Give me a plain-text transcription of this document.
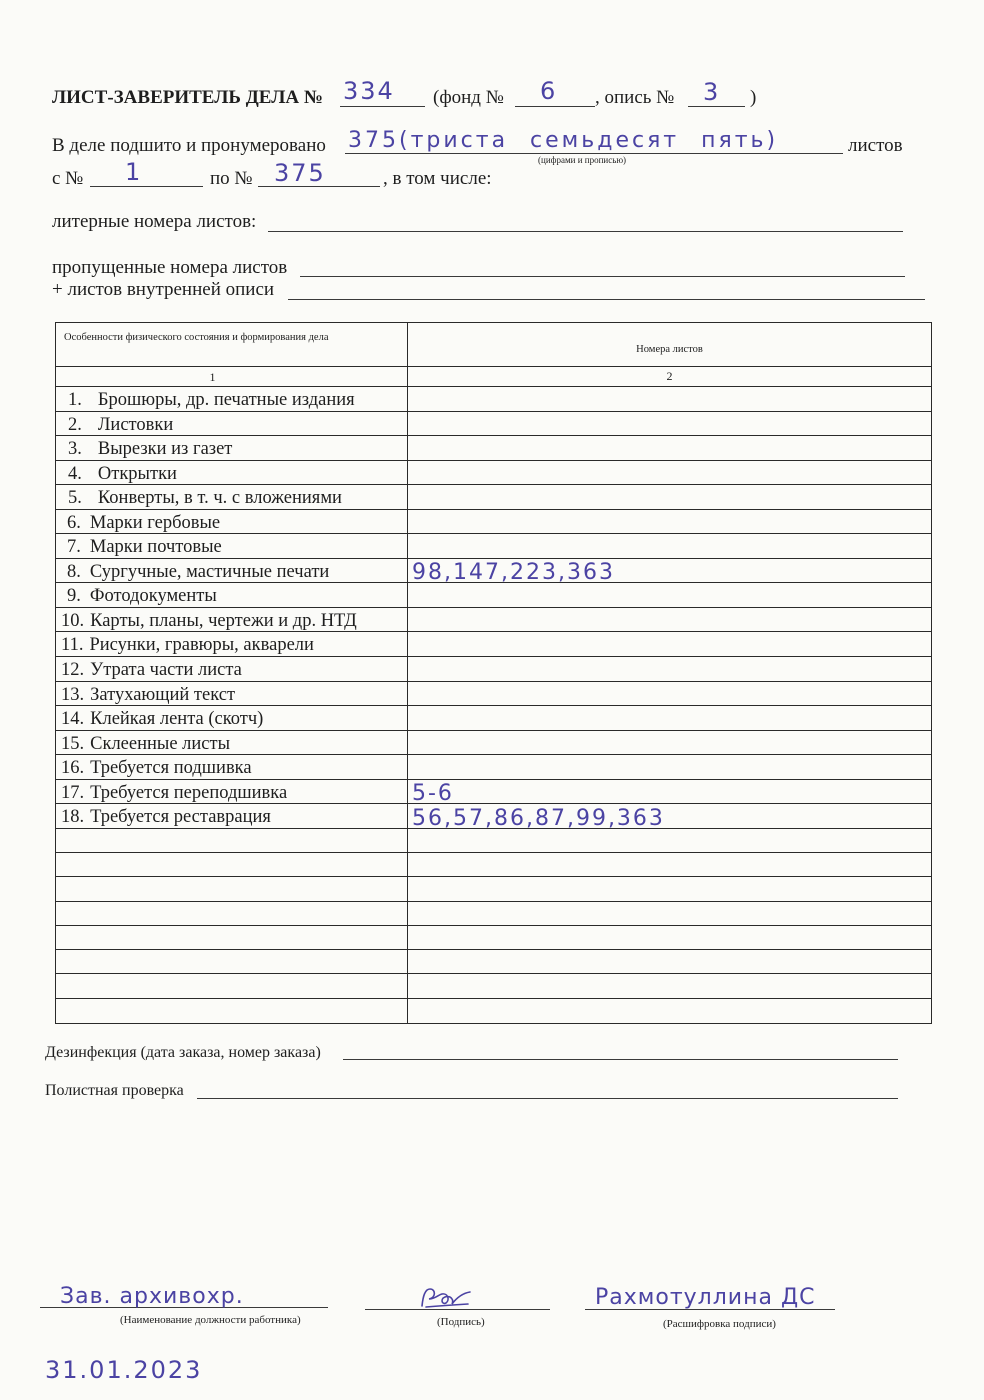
ЛИСТ-ЗАВЕРИТЕЛЬ ДЕЛА № 334 (фонд № 6 , опись № 3 )
В деле подшито и пронумеровано 375(триста семьдесят пять)	листов
(цифрами и прописью)
с № 1	по № 375	, в том числе:
литерные номера листов:
пропущенные номера листов
+ листов внутренней описи
Особенности физического состояния и формирования дела
Номера листов
1	2
1. Брошюры, др. печатные издания
2. Листовки
3. Вырезки из газет
4. Открытки
5. Конверты, в т. ч. с вложениями
6. Марки гербовые
7. Марки почтовые
8. Сургучные, мастичные печати	98,147,223,363
9. Фотодокументы
10. Карты, планы, чертежи и др. НТД
11. Рисунки, гравюры, акварели
12. Утрата части листа
13. Затухающий текст
14. Клейкая лента (скотч)
15. Склеенные листы
16. Требуется подшивка
17. Требуется переподшивка	5-6
18. Требуется реставрация	56,57,86,87,99,363
Дезинфекция (дата заказа, номер заказа)
Полистная проверка
Зав. архивохр.
(Наименование должности работника)	(Подпись)
Рахмотуллина ДС
(Расшифровка подписи)
31.01.2023
